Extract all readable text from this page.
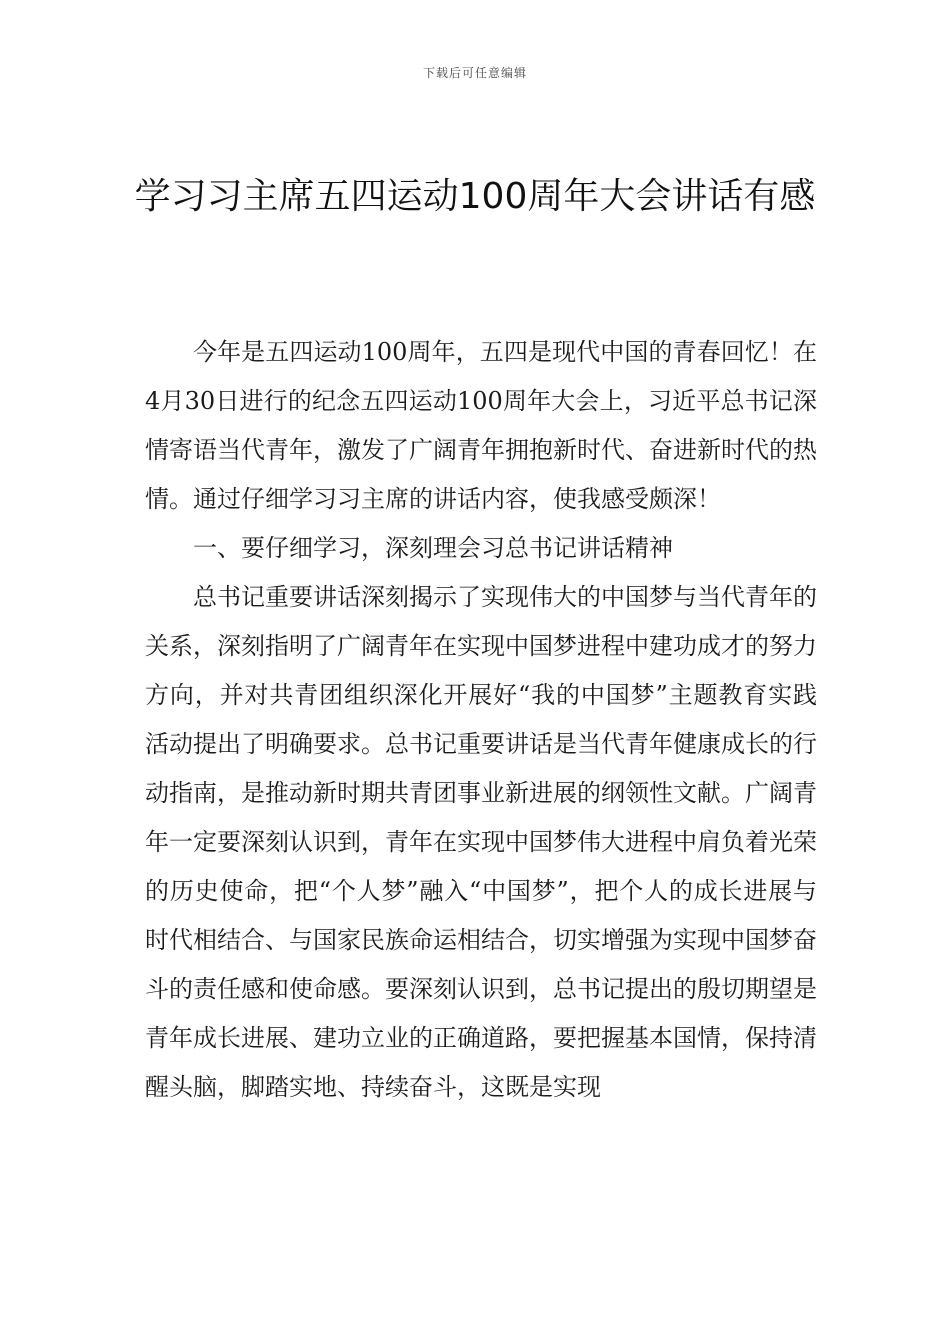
下载后可任意编辑
学习习主席五四运动100周年大会讲话有感

今年是五四运动100周年，五四是现代中国的青春回忆！在4月30日进行的纪念五四运动100周年大会上，习近平总书记深情寄语当代青年，激发了广阔青年拥抱新时代、奋进新时代的热情。通过仔细学习习主席的讲话内容，使我感受颇深！

一、要仔细学习，深刻理会习总书记讲话精神

总书记重要讲话深刻揭示了实现伟大的中国梦与当代青年的关系，深刻指明了广阔青年在实现中国梦进程中建功成才的努力方向，并对共青团组织深化开展好“我的中国梦”主题教育实践活动提出了明确要求。总书记重要讲话是当代青年健康成长的行动指南，是推动新时期共青团事业新进展的纲领性文献。广阔青年一定要深刻认识到，青年在实现中国梦伟大进程中肩负着光荣的历史使命，把“个人梦”融入“中国梦”，把个人的成长进展与时代相结合、与国家民族命运相结合，切实增强为实现中国梦奋斗的责任感和使命感。要深刻认识到，总书记提出的殷切期望是青年成长进展、建功立业的正确道路，要把握基本国情，保持清醒头脑，脚踏实地、持续奋斗，这既是实现
